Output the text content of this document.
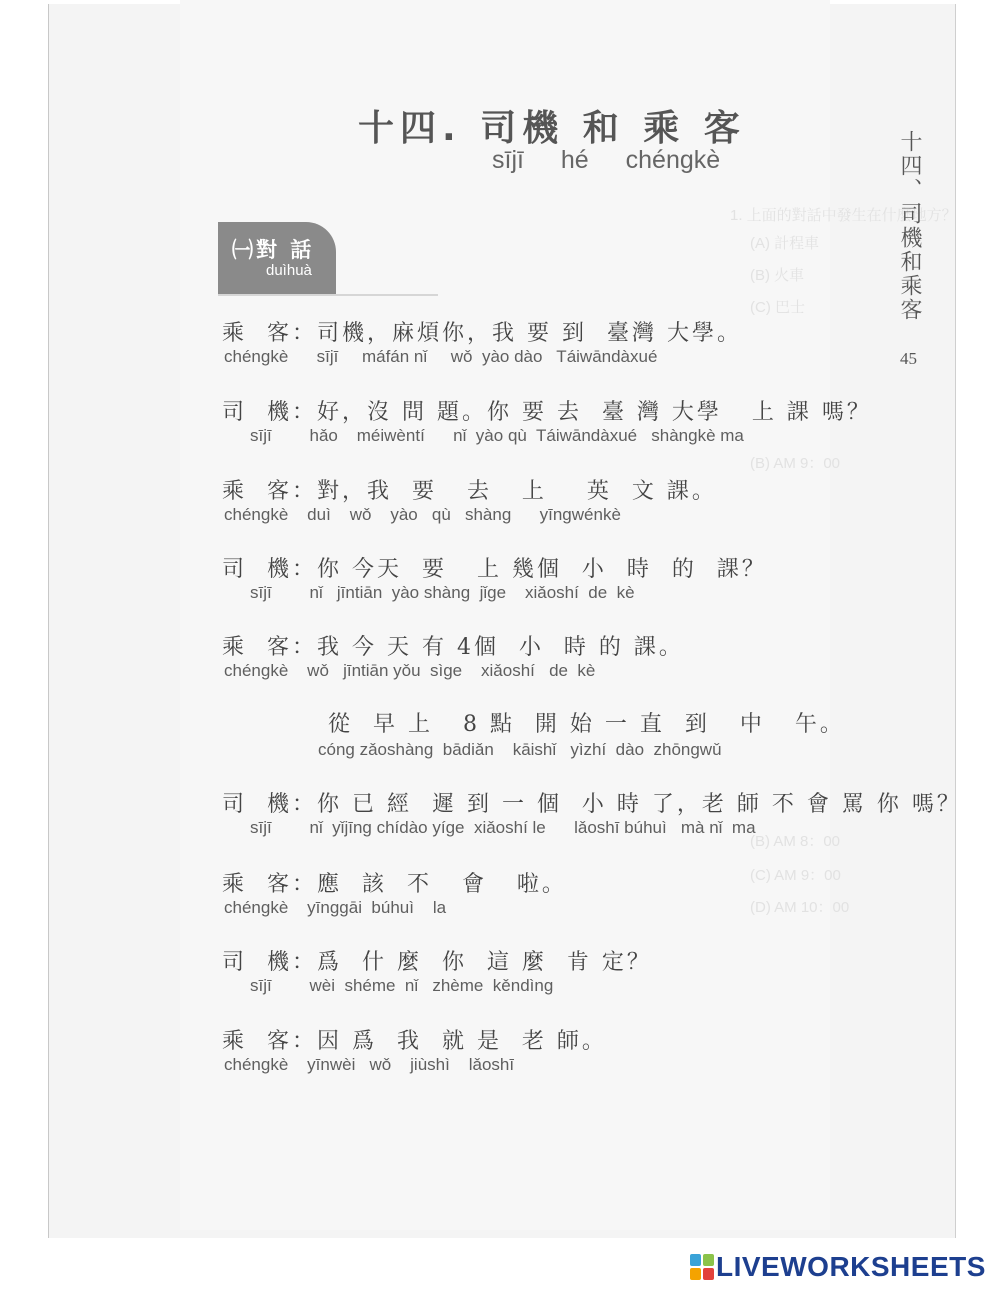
1. 上面的對話中發生在什麼地方？
(A) 計程車
(B) 火車
(C) 巴士
(B) AM 9：00
(B) AM 8：00
(C) AM 9：00
(D) AM 10：00
十四. 司機 和 乘 客
sījī hé chéngkè	十四、司機和乘客
45
㈠對 話
duìhuà
乘  客：司機，麻煩你，我 要 到  臺灣 大學。
chéngkè      sījī     máfán nǐ     wǒ  yào dào   Táiwāndàxué
司  機：好，沒 問 題。你 要 去  臺 灣 大學   上 課 嗎？
sījī        hǎo    méiwèntí      nǐ  yào qù  Táiwāndàxué   shàngkè ma
乘  客：對，我  要   去   上    英  文 課。
chéngkè    duì    wǒ    yào   qù   shàng      yīngwénkè
司  機：你 今天  要   上 幾個  小  時  的  課？
sījī        nǐ   jīntiān  yào shàng  jǐge    xiǎoshí  de  kè
乘  客：我 今 天 有 4個  小  時 的 課。
chéngkè    wǒ   jīntiān yǒu  sìge    xiǎoshí   de  kè
從  早 上   8 點  開 始 一 直  到   中   午。
cóng zǎoshàng  bādiǎn    kāishǐ   yìzhí  dào  zhōngwǔ
司  機：你 已 經  遲 到 一 個  小 時 了，老 師 不 會 罵 你 嗎？
sījī        nǐ  yǐjīng chídào yíge  xiǎoshí le      lǎoshī búhuì   mà nǐ  ma
乘  客：應  該  不   會   啦。
chéngkè    yīnggāi  búhuì    la
司  機：爲  什 麼  你  這 麼  肯 定？
sījī        wèi  shéme  nǐ   zhème  kěndìng
乘  客：因 爲  我  就 是  老 師。
chéngkè    yīnwèi   wǒ    jiùshì    lǎoshī
LIVEWORKSHEETS
